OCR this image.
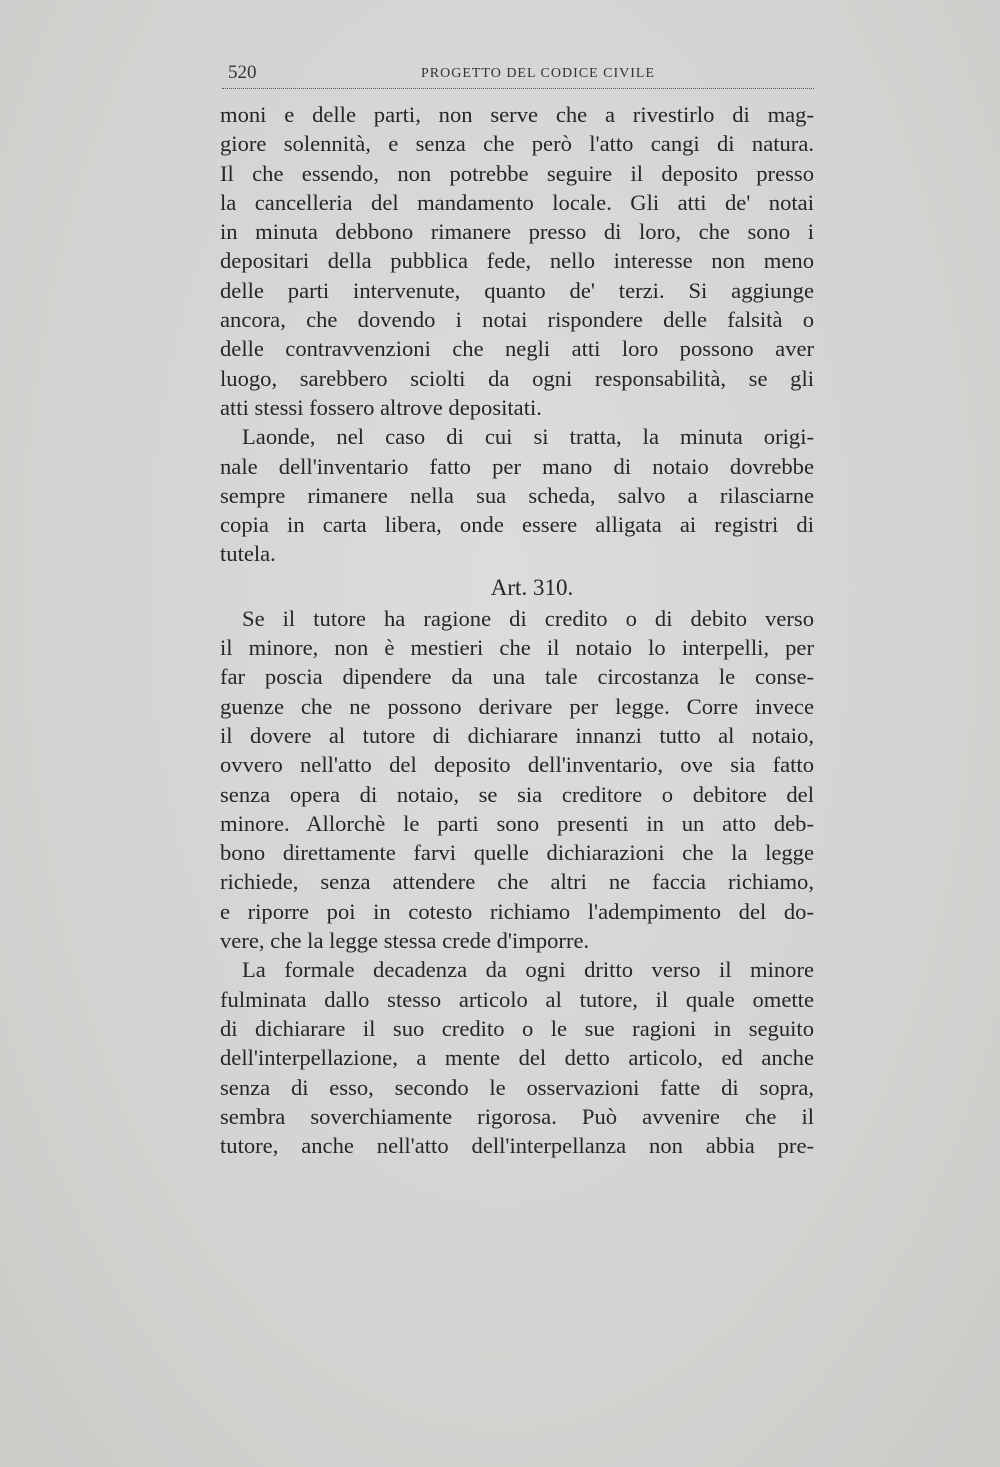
520	PROGETTO DEL CODICE CIVILE

moni e delle parti, non serve che a rivestirlo di mag-
giore solennità, e senza che però l'atto cangi di natura.
Il che essendo, non potrebbe seguire il deposito presso
la cancelleria del mandamento locale. Gli atti de' notai
in minuta debbono rimanere presso di loro, che sono i
depositari della pubblica fede, nello interesse non meno
delle parti intervenute, quanto de' terzi. Si aggiunge
ancora, che dovendo i notai rispondere delle falsità o
delle contravvenzioni che negli atti loro possono aver
luogo, sarebbero sciolti da ogni responsabilità, se gli
atti stessi fossero altrove depositati.

Laonde, nel caso di cui si tratta, la minuta origi-
nale dell'inventario fatto per mano di notaio dovrebbe
sempre rimanere nella sua scheda, salvo a rilasciarne
copia in carta libera, onde essere alligata ai registri di
tutela.

Art. 310.

Se il tutore ha ragione di credito o di debito verso
il minore, non è mestieri che il notaio lo interpelli, per
far poscia dipendere da una tale circostanza le conse-
guenze che ne possono derivare per legge. Corre invece
il dovere al tutore di dichiarare innanzi tutto al notaio,
ovvero nell'atto del deposito dell'inventario, ove sia fatto
senza opera di notaio, se sia creditore o debitore del
minore. Allorchè le parti sono presenti in un atto deb-
bono direttamente farvi quelle dichiarazioni che la legge
richiede, senza attendere che altri ne faccia richiamo,
e riporre poi in cotesto richiamo l'adempimento del do-
vere, che la legge stessa crede d'imporre.

La formale decadenza da ogni dritto verso il minore
fulminata dallo stesso articolo al tutore, il quale omette
di dichiarare il suo credito o le sue ragioni in seguito
dell'interpellazione, a mente del detto articolo, ed anche
senza di esso, secondo le osservazioni fatte di sopra,
sembra soverchiamente rigorosa. Può avvenire che il
tutore, anche nell'atto dell'interpellanza non abbia pre-
